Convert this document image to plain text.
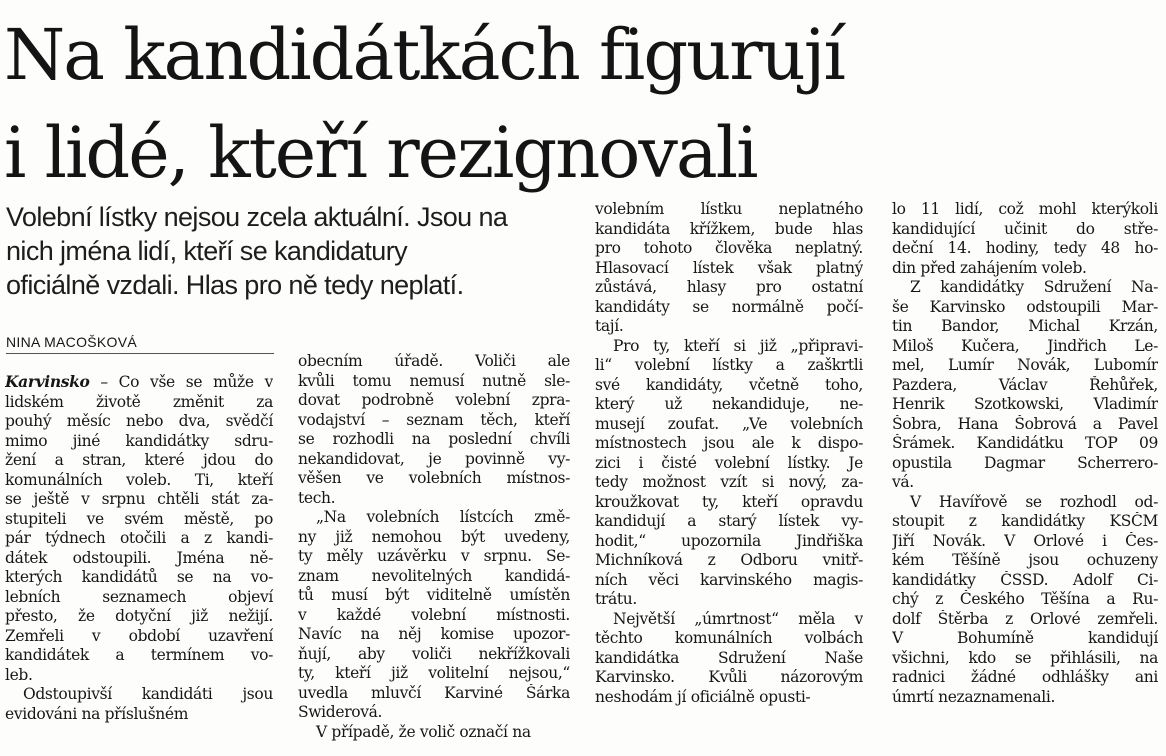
Na kandidátkách figurují
i lidé, kteří rezignovali
Volební lístky nejsou zcela aktuální. Jsou na
nich jména lidí, kteří se kandidatury
oficiálně vzdali. Hlas pro ně tedy neplatí.
NINA MACOŠKOVÁ
Karvinsko – Co vše se může v
lidském životě změnit za
pouhý měsíc nebo dva, svědčí
mimo jiné kandidátky sdru-
žení a stran, které jdou do
komunálních voleb. Ti, kteří
se ještě v srpnu chtěli stát za-
stupiteli ve svém městě, po
pár týdnech otočili a z kandi-
dátek odstoupili. Jména ně-
kterých kandidátů se na vo-
lebních seznamech objeví
přesto, že dotyční již nežijí.
Zemřeli v období uzavření
kandidátek a termínem vo-
leb.
Odstoupivší kandidáti jsou
evidováni na příslušném
obecním úřadě. Voliči ale
kvůli tomu nemusí nutně sle-
dovat podrobně volební zpra-
vodajství – seznam těch, kteří
se rozhodli na poslední chvíli
nekandidovat, je povinně vy-
věšen ve volebních místnos-
tech.
„Na volebních lístcích změ-
ny již nemohou být uvedeny,
ty měly uzávěrku v srpnu. Se-
znam nevolitelných kandidá-
tů musí být viditelně umístěn
v každé volební místnosti.
Navíc na něj komise upozor-
ňují, aby voliči nekřížkovali
ty, kteří již volitelní nejsou,“
uvedla mluvčí Karviné Šárka
Swiderová.
V případě, že volič označí na
volebním lístku neplatného
kandidáta křížkem, bude hlas
pro tohoto člověka neplatný.
Hlasovací lístek však platný
zůstává, hlasy pro ostatní
kandidáty se normálně počí-
tají.
Pro ty, kteří si již „připravi-
li“ volební lístky a zaškrtli
své kandidáty, včetně toho,
který už nekandiduje, ne-
musejí zoufat. „Ve volebních
místnostech jsou ale k dispo-
zici i čisté volební lístky. Je
tedy možnost vzít si nový, za-
kroužkovat ty, kteří opravdu
kandidují a starý lístek vy-
hodit,“ upozornila Jindřiška
Michníková z Odboru vnitř-
ních věci karvinského magis-
trátu.
Největší „úmrtnost“ měla v
těchto komunálních volbách
kandidátka Sdružení Naše
Karvinsko. Kvůli názorovým
neshodám jí oficiálně opusti-
lo 11 lidí, což mohl kterýkoli
kandidující učinit do stře-
deční 14. hodiny, tedy 48 ho-
din před zahájením voleb.
Z kandidátky Sdružení Na-
še Karvinsko odstoupili Mar-
tin Bandor, Michal Krzán,
Miloš Kučera, Jindřich Le-
mel, Lumír Novák, Lubomír
Pazdera, Václav Řehůřek,
Henrik Szotkowski, Vladimír
Šobra, Hana Šobrová a Pavel
Šrámek. Kandidátku TOP 09
opustila Dagmar Scherrero-
vá.
V Havířově se rozhodl od-
stoupit z kandidátky KSČM
Jiří Novák. V Orlové i Čes-
kém Těšíně jsou ochuzeny
kandidátky ČSSD. Adolf Ci-
chý z Českého Těšína a Ru-
dolf Štěrba z Orlové zemřeli.
V Bohumíně kandidují
všichni, kdo se přihlásili, na
radnici žádné odhlášky ani
úmrtí nezaznamenali.
